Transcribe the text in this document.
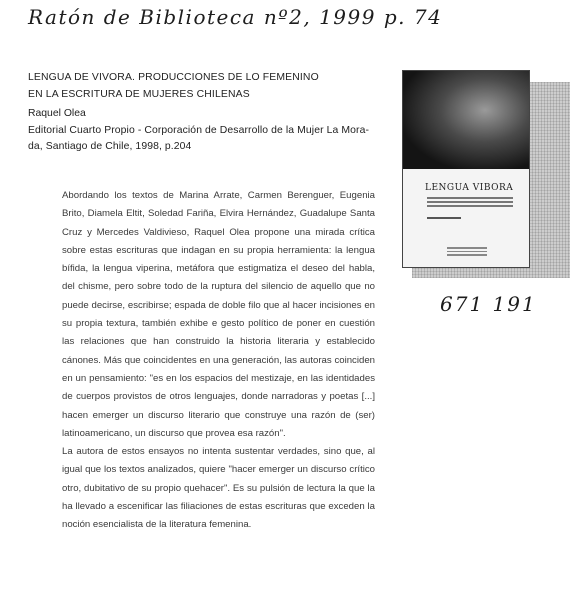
Ratón de Biblioteca nº2, 1999 p. 74
LENGUA DE VIVORA. PRODUCCIONES DE LO FEMENINO
EN LA ESCRITURA DE MUJERES CHILENAS
Raquel Olea
Editorial Cuarto Propio - Corporación de Desarrollo de la Mujer La Mora-
da, Santiago de Chile, 1998, p.204

Abordando los textos de Marina Arrate, Carmen Berenguer, Eugenia Brito, Diamela Eltit, Soledad Fariña, Elvira Hernández, Guadalupe Santa Cruz y Mercedes Valdivieso, Raquel Olea propone una mirada crítica sobre estas escrituras que indagan en su propia herramienta: la lengua bífida, la lengua viperina, metáfora que estigmatiza el deseo del habla, del chisme, pero sobre todo de la ruptura del silencio de aquello que no puede decirse, escribirse; espada de doble filo que al hacer incisiones en su propia textura, también exhibe e gesto político de poner en cuestión las relaciones que han construido la historia literaria y establecido cánones. Más que coincidentes en una generación, las autoras coinciden en un pensamiento: "es en los espacios del mestizaje, en las identidades de cuerpos provistos de otros lenguajes, donde narradoras y poetas [...] hacen emerger un discurso literario que construye una razón de (ser) latinoamericano, un discurso que provea esa razón".

La autora de estos ensayos no intenta sustentar verdades, sino que, al igual que los textos analizados, quiere "hacer emerger un discurso crítico otro, dubitativo de su propio quehacer". Es su pulsión de lectura la que la ha llevado a escenificar las filiaciones de estas escrituras que exceden la noción esencialista de la literatura femenina.

LENGUA VIBORA
671 191
